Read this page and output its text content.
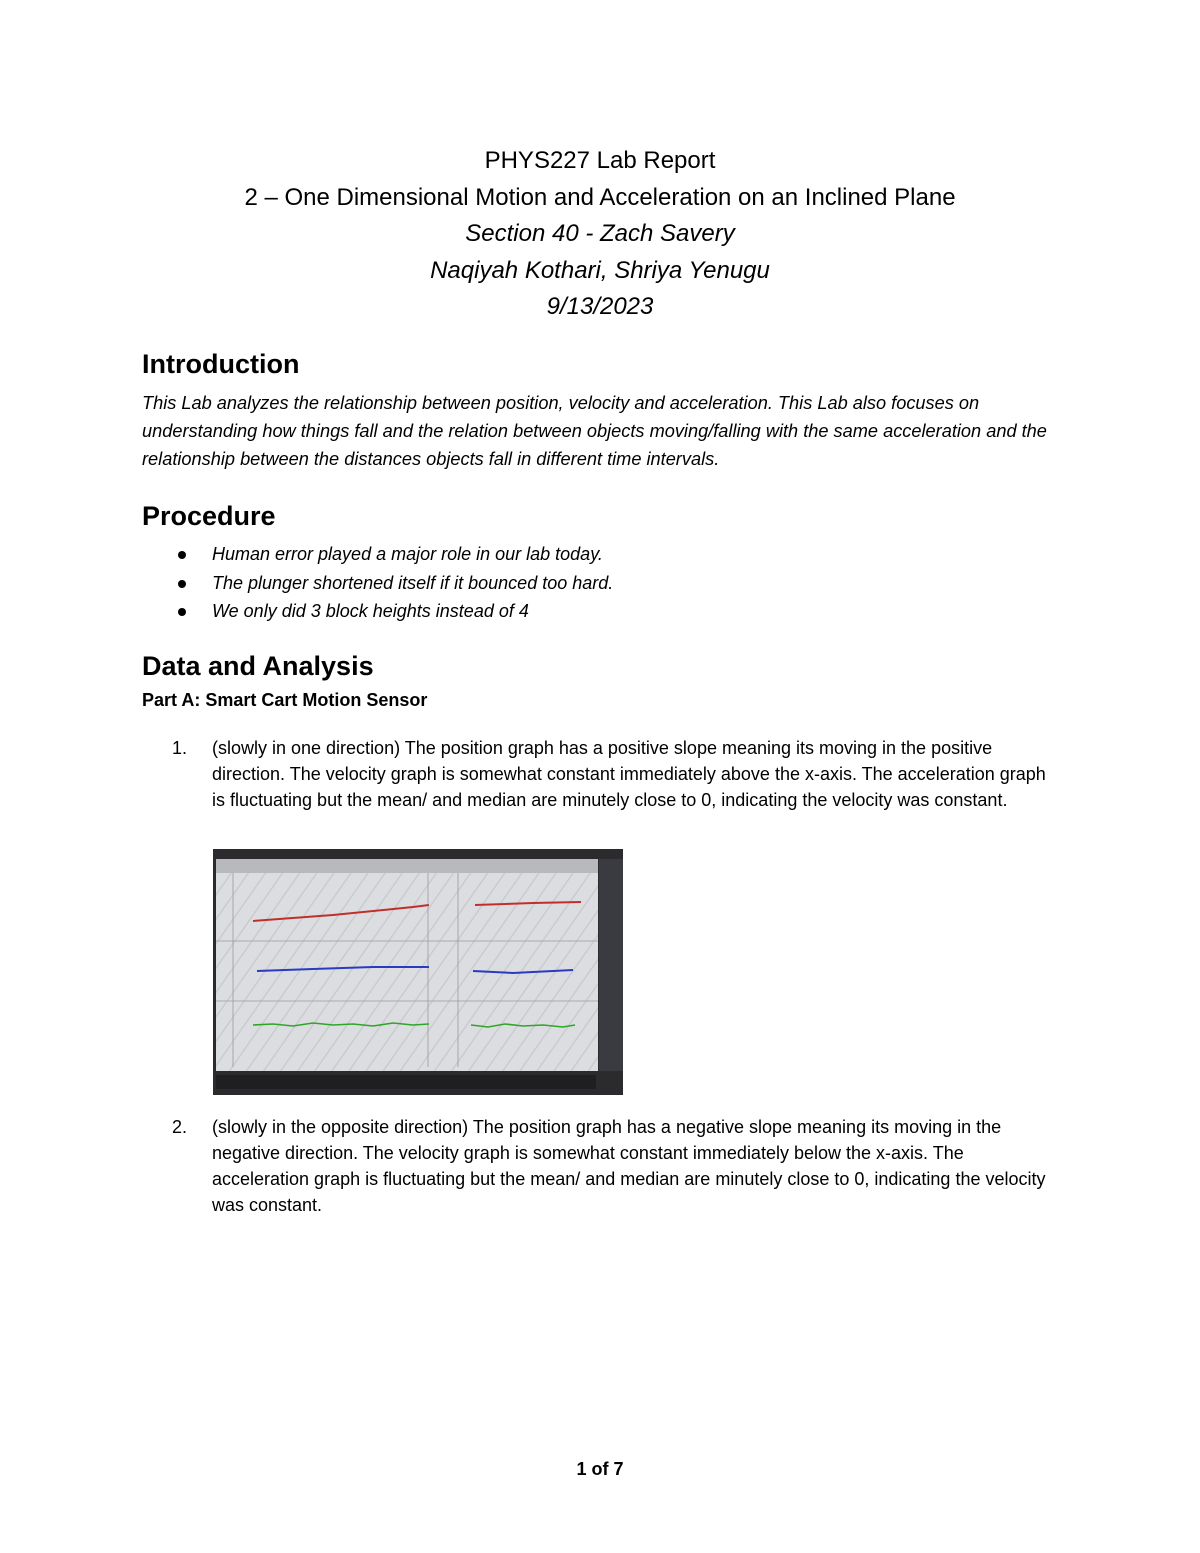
PHYS227 Lab Report
2 – One Dimensional Motion and Acceleration on an Inclined Plane
Section 40 - Zach Savery
Naqiyah Kothari, Shriya Yenugu
9/13/2023
Introduction
This Lab analyzes the relationship between position, velocity and acceleration. This Lab also focuses on understanding how things fall and the relation between objects moving/falling with the same acceleration and the relationship between the distances objects fall in different time intervals.
Procedure
Human error played a major role in our lab today.
The plunger shortened itself if it bounced too hard.
We only did 3 block heights instead of 4
Data and Analysis
Part A: Smart Cart Motion Sensor
1. (slowly in one direction) The position graph has a positive slope meaning its moving in the positive direction. The velocity graph is somewhat constant immediately above the x-axis. The acceleration graph is fluctuating but the mean/ and median are minutely close to 0, indicating the velocity was constant.
2. (slowly in the opposite direction) The position graph has a negative slope meaning its moving in the negative direction. The velocity graph is somewhat constant immediately below the x-axis. The acceleration graph is fluctuating but the mean/ and median are minutely close to 0, indicating the velocity was constant.
1 of 7
